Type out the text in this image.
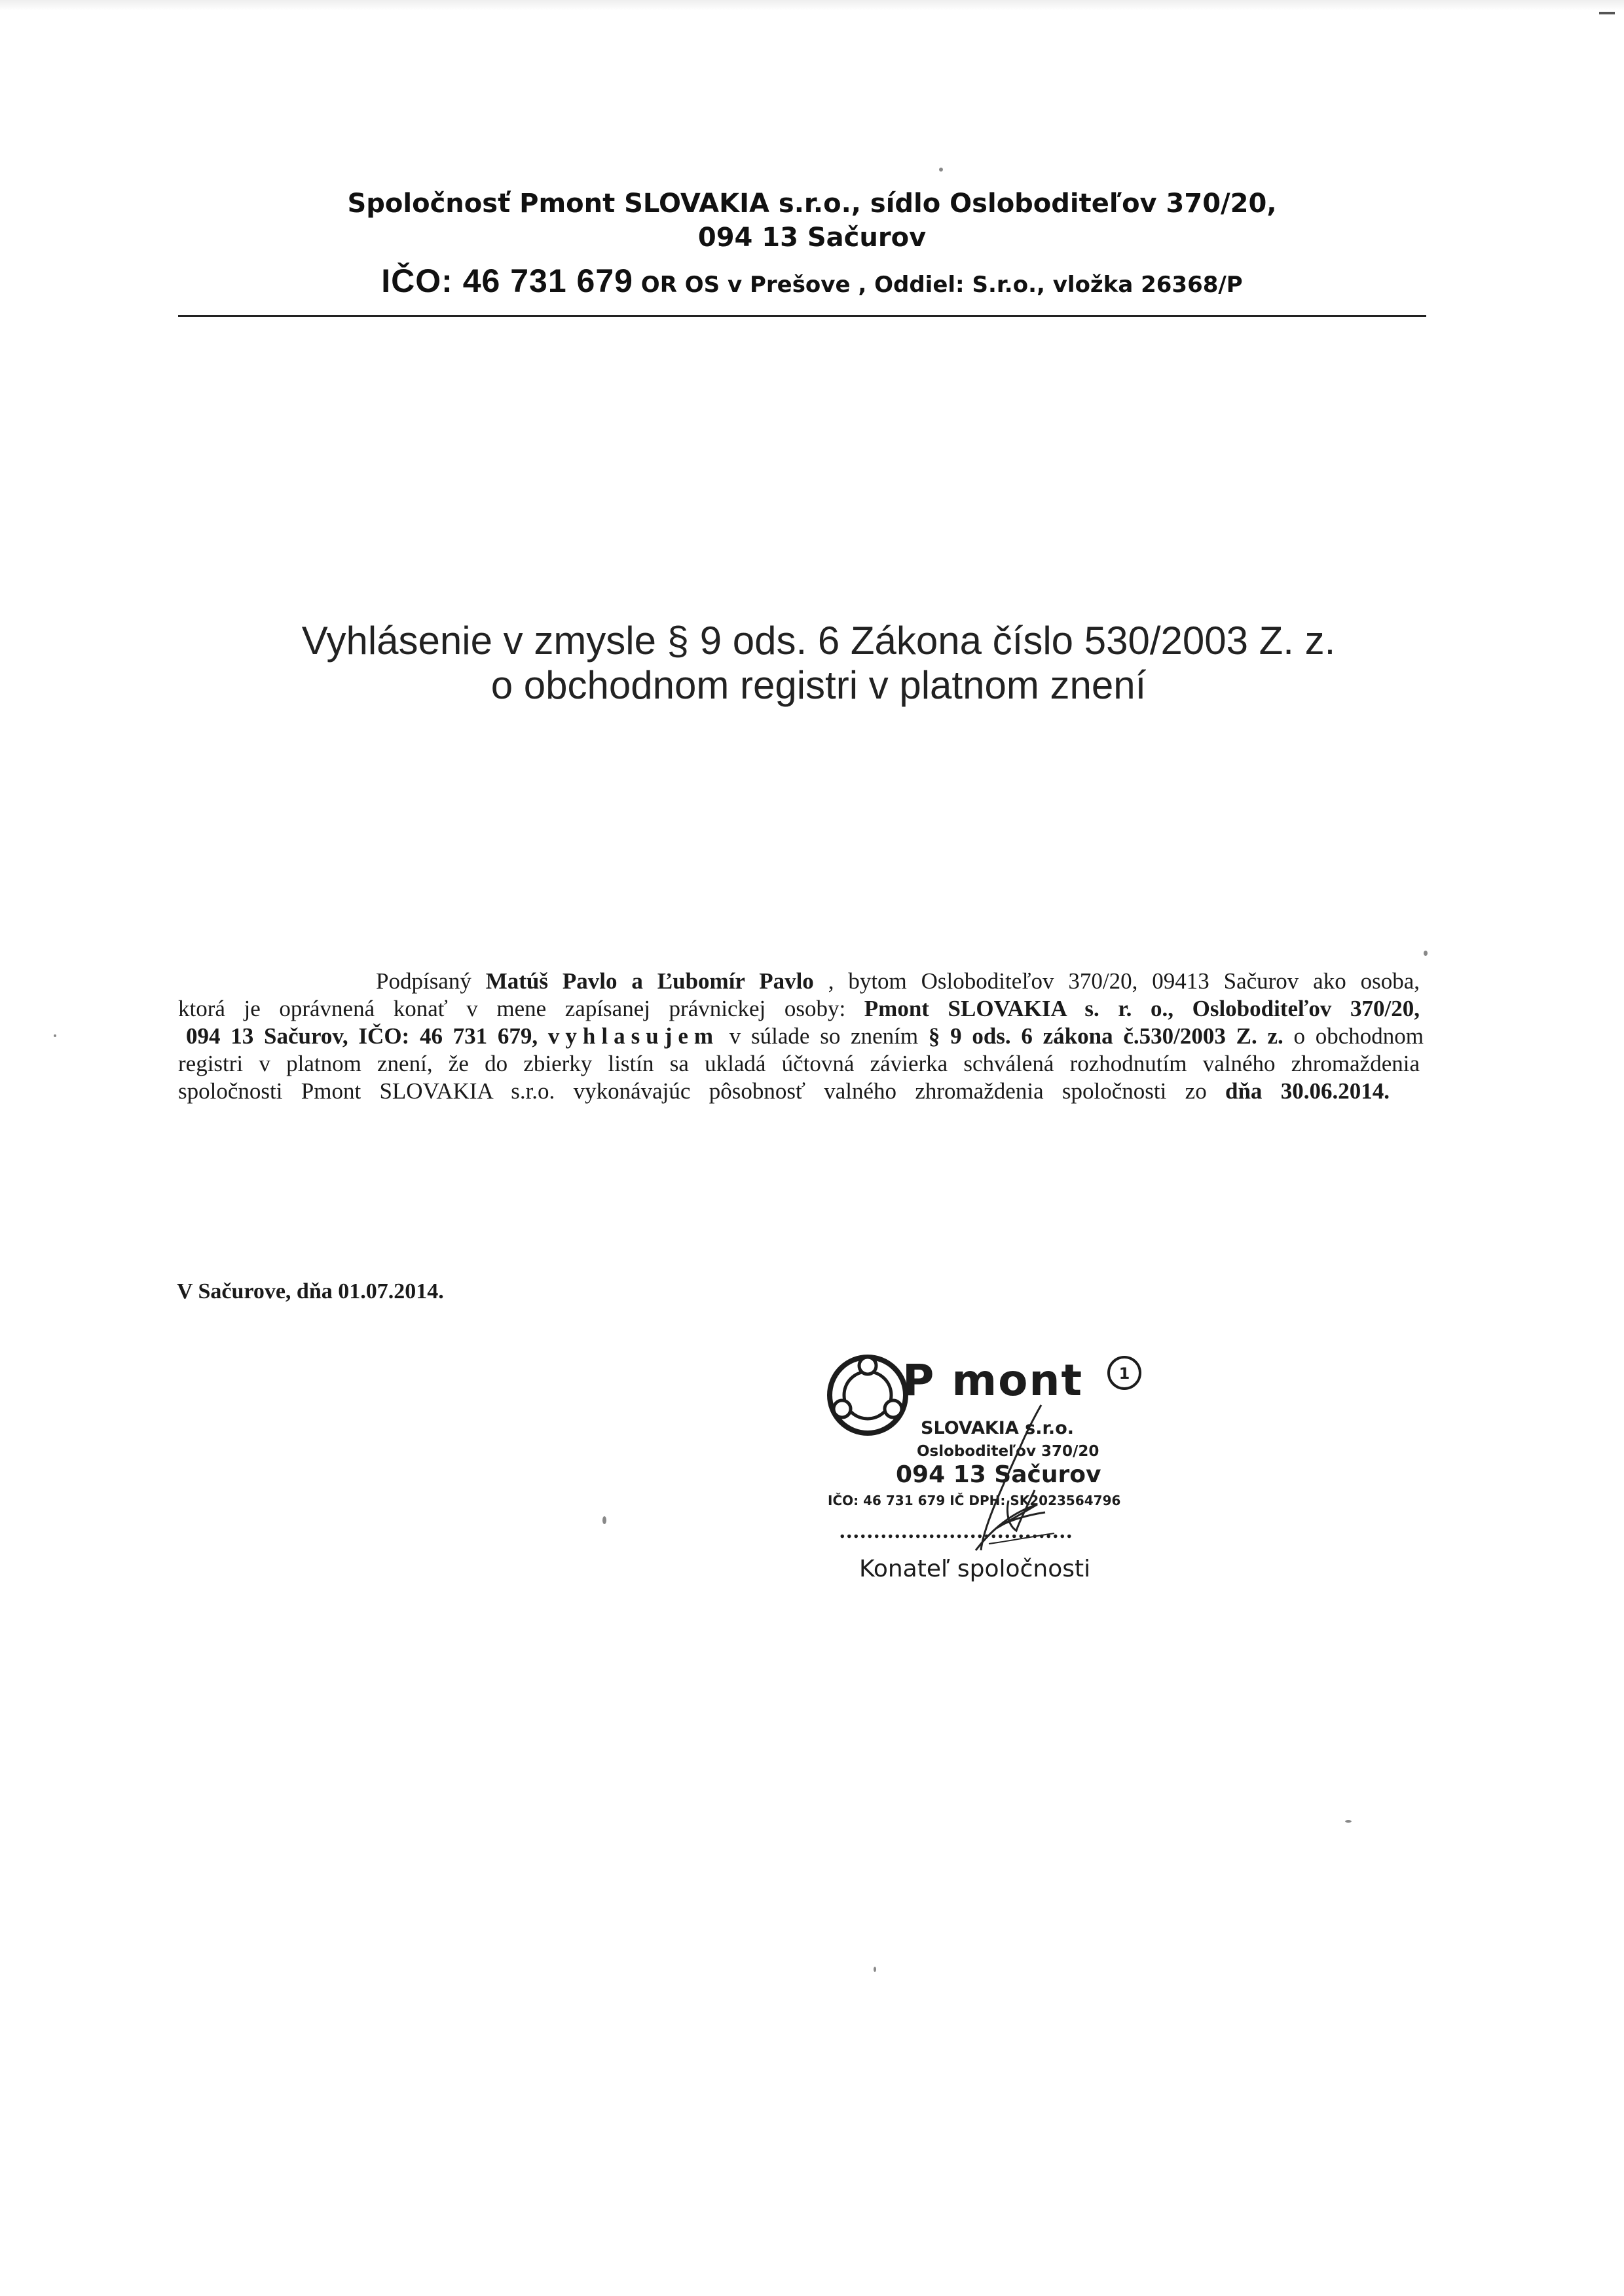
Spoločnosť Pmont SLOVAKIA s.r.o., sídlo Osloboditeľov 370/20,
094 13 Sačurov
IČO: 46 731 679 OR OS v Prešove , Oddiel: S.r.o., vložka 26368/P
Vyhlásenie v zmysle § 9 ods. 6 Zákona číslo 530/2003 Z. z.
o obchodnom registri v platnom znení

Podpísaný Matúš Pavlo a Ľubomír Pavlo , bytom Osloboditeľov 370/20, 09413 Sačurov ako osoba,

ktorá je oprávnená konať v mene zapísanej právnickej osoby: Pmont SLOVAKIA s. r. o., Osloboditeľov 370/20,

094 13 Sačurov, IČO: 46 731 679, vyhlasujem v súlade so znením § 9 ods. 6 zákona č.530/2003 Z. z. o obchodnom

registri v platnom znení, že do zbierky listín sa ukladá účtovná závierka schválená rozhodnutím valného zhromaždenia

spoločnosti Pmont SLOVAKIA s.r.o. vykonávajúc pôsobnosť valného zhromaždenia spoločnosti zo dňa 30.06.2014.

V Sačurove, dňa 01.07.2014.
P mont 1
SLOVAKIA s.r.o.
Osloboditeľov 370/20
094 13 Sačurov
IČO: 46 731 679 IČ DPH: SK2023564796
..................................
Konateľ spoločnosti
